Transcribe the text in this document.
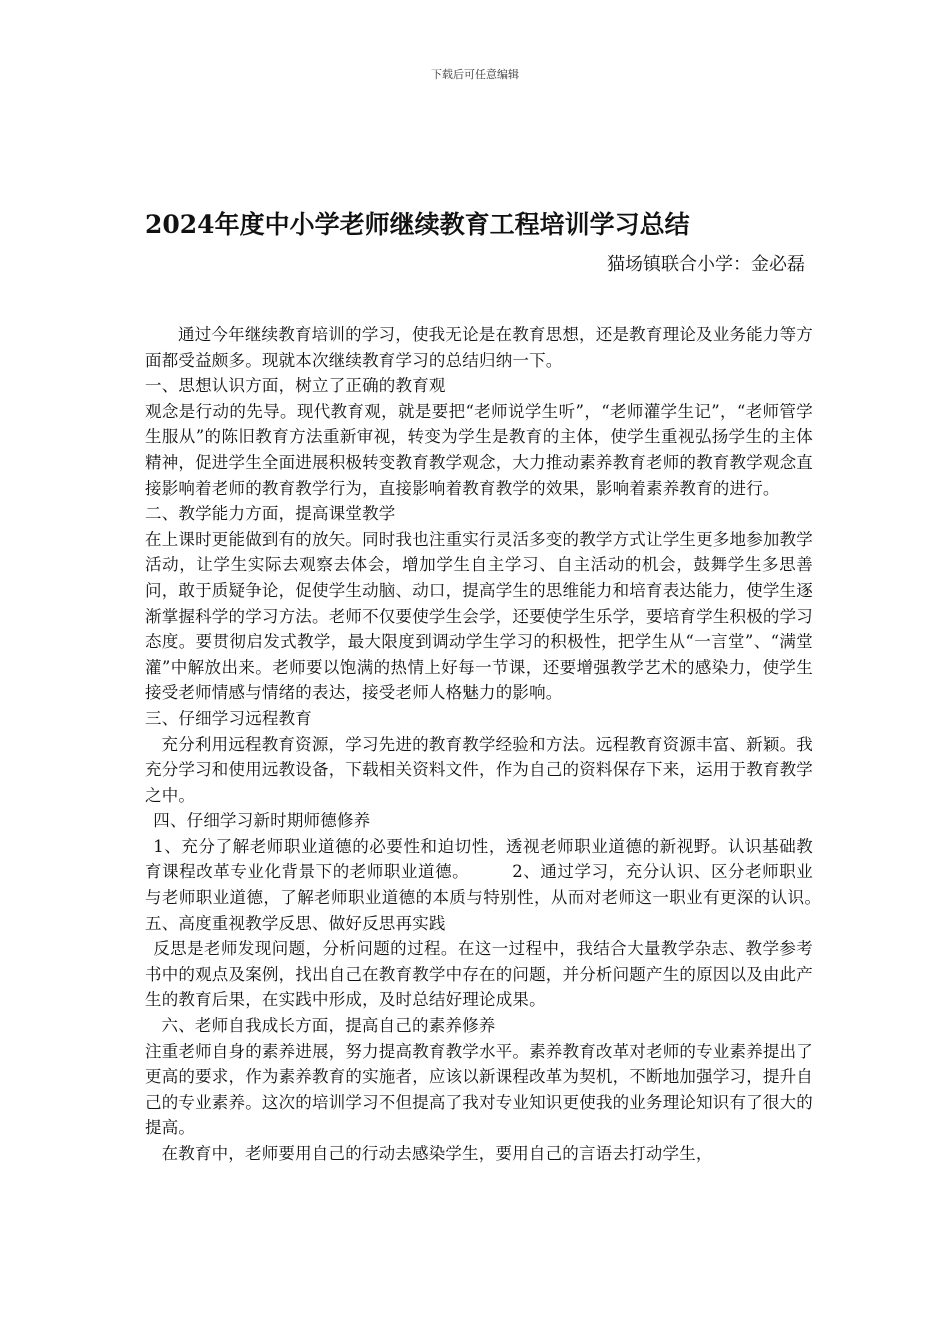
下载后可任意编辑
2024年度中小学老师继续教育工程培训学习总结
猫场镇联合小学：金必磊

通过今年继续教育培训的学习，使我无论是在教育思想，还是教育理论及业务能力等方面都受益颇多。现就本次继续教育学习的总结归纳一下。

一、思想认识方面，树立了正确的教育观

观念是行动的先导。现代教育观，就是要把“老师说学生听”，“老师灌学生记”，“老师管学生服从”的陈旧教育方法重新审视，转变为学生是教育的主体，使学生重视弘扬学生的主体精神，促进学生全面进展积极转变教育教学观念，大力推动素养教育老师的教育教学观念直接影响着老师的教育教学行为，直接影响着教育教学的效果，影响着素养教育的进行。

二、教学能力方面，提高课堂教学

在上课时更能做到有的放矢。同时我也注重实行灵活多变的教学方式让学生更多地参加教学活动，让学生实际去观察去体会，增加学生自主学习、自主活动的机会，鼓舞学生多思善问，敢于质疑争论，促使学生动脑、动口，提高学生的思维能力和培育表达能力，使学生逐渐掌握科学的学习方法。老师不仅要使学生会学，还要使学生乐学，要培育学生积极的学习态度。要贯彻启发式教学，最大限度到调动学生学习的积极性，把学生从“一言堂”、“满堂灌”中解放出来。老师要以饱满的热情上好每一节课，还要增强教学艺术的感染力，使学生接受老师情感与情绪的表达，接受老师人格魅力的影响。

三、仔细学习远程教育

充分利用远程教育资源，学习先进的教育教学经验和方法。远程教育资源丰富、新颖。我充分学习和使用远教设备，下载相关资料文件，作为自己的资料保存下来，运用于教育教学之中。

四、仔细学习新时期师德修养

1、充分了解老师职业道德的必要性和迫切性，透视老师职业道德的新视野。认识基础教育课程改革专业化背景下的老师职业道德。　　　2、通过学习，充分认识、区分老师职业与老师职业道德，了解老师职业道德的本质与特别性，从而对老师这一职业有更深的认识。　　　五、高度重视教学反思、做好反思再实践

反思是老师发现问题，分析问题的过程。在这一过程中，我结合大量教学杂志、教学参考书中的观点及案例，找出自己在教育教学中存在的问题，并分析问题产生的原因以及由此产生的教育后果，在实践中形成，及时总结好理论成果。

六、老师自我成长方面，提高自己的素养修养

注重老师自身的素养进展，努力提高教育教学水平。素养教育改革对老师的专业素养提出了更高的要求，作为素养教育的实施者，应该以新课程改革为契机，不断地加强学习，提升自己的专业素养。这次的培训学习不但提高了我对专业知识更使我的业务理论知识有了很大的提高。

在教育中，老师要用自己的行动去感染学生，要用自己的言语去打动学生，
